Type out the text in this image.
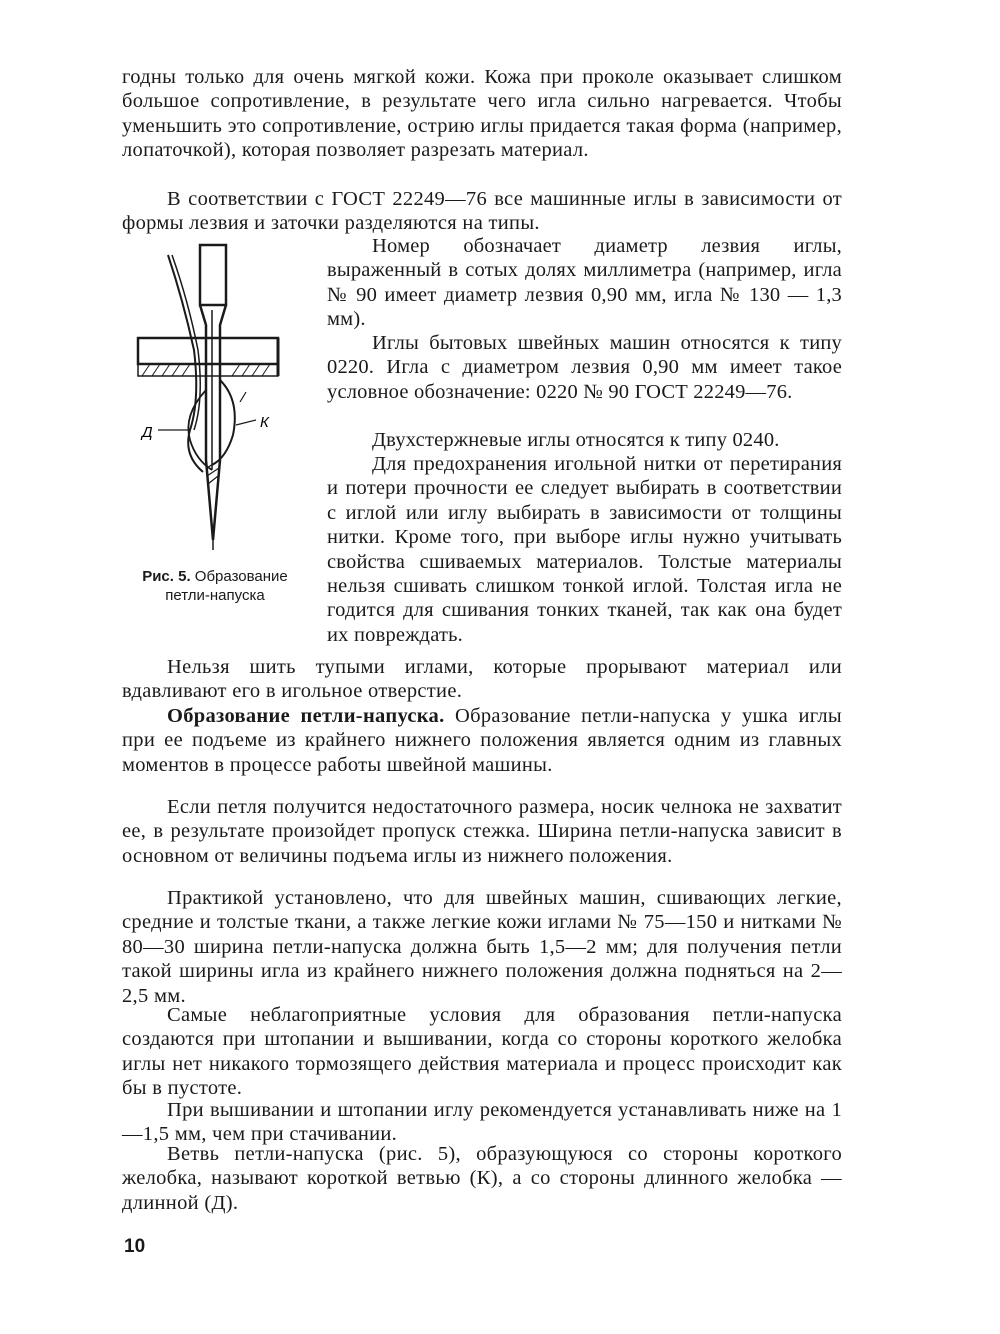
годны только для очень мягкой кожи. Кожа при проколе оказывает слишком большое сопротивление, в результате чего игла сильно нагревается. Чтобы уменьшить это сопротивление, острию иглы придается такая форма (например, лопаточкой), которая позволяет разрезать материал.

В соответствии с ГОСТ 22249—76 все машинные иглы в зависимости от формы лезвия и заточки разделяются на типы.

Д
К

Рис. 5. Образование петли-напуска

Номер обозначает диаметр лезвия иглы, выраженный в сотых долях миллиметра (например, игла № 90 имеет диаметр лезвия 0,90 мм, игла № 130 — 1,3 мм).

Иглы бытовых швейных машин относятся к типу 0220. Игла с диаметром лезвия 0,90 мм имеет такое условное обозначение: 0220 № 90 ГОСТ 22249—76.

Двухстержневые иглы относятся к типу 0240.

Для предохранения игольной нитки от перетирания и потери прочности ее следует выбирать в соответствии с иглой или иглу выбирать в зависимости от толщины нитки. Кроме того, при выборе иглы нужно учитывать свойства сшиваемых материалов. Толстые материалы нельзя сшивать слишком тонкой иглой. Толстая игла не годится для сшивания тонких тканей, так как она будет их повреждать.

Нельзя шить тупыми иглами, которые прорывают материал или вдавливают его в игольное отверстие.

Образование петли-напуска. Образование петли-напуска у ушка иглы при ее подъеме из крайнего нижнего положения является одним из главных моментов в процессе работы швейной машины.

Если петля получится недостаточного размера, носик челнока не захватит ее, в результате произойдет пропуск стежка. Ширина петли-напуска зависит в основном от величины подъема иглы из нижнего положения.

Практикой установлено, что для швейных машин, сшивающих легкие, средние и толстые ткани, а также легкие кожи иглами № 75—150 и нитками № 80—30 ширина петли-напуска должна быть 1,5—2 мм; для получения петли такой ширины игла из крайнего нижнего положения должна подняться на 2—2,5 мм.

Самые неблагоприятные условия для образования петли-напуска создаются при штопании и вышивании, когда со стороны короткого желобка иглы нет никакого тормозящего действия материала и процесс происходит как бы в пустоте.

При вышивании и штопании иглу рекомендуется устанавливать ниже на 1—1,5 мм, чем при стачивании.

Ветвь петли-напуска (рис. 5), образующуюся со стороны короткого желобка, называют короткой ветвью (К), а со стороны длинного желобка — длинной (Д).

10
